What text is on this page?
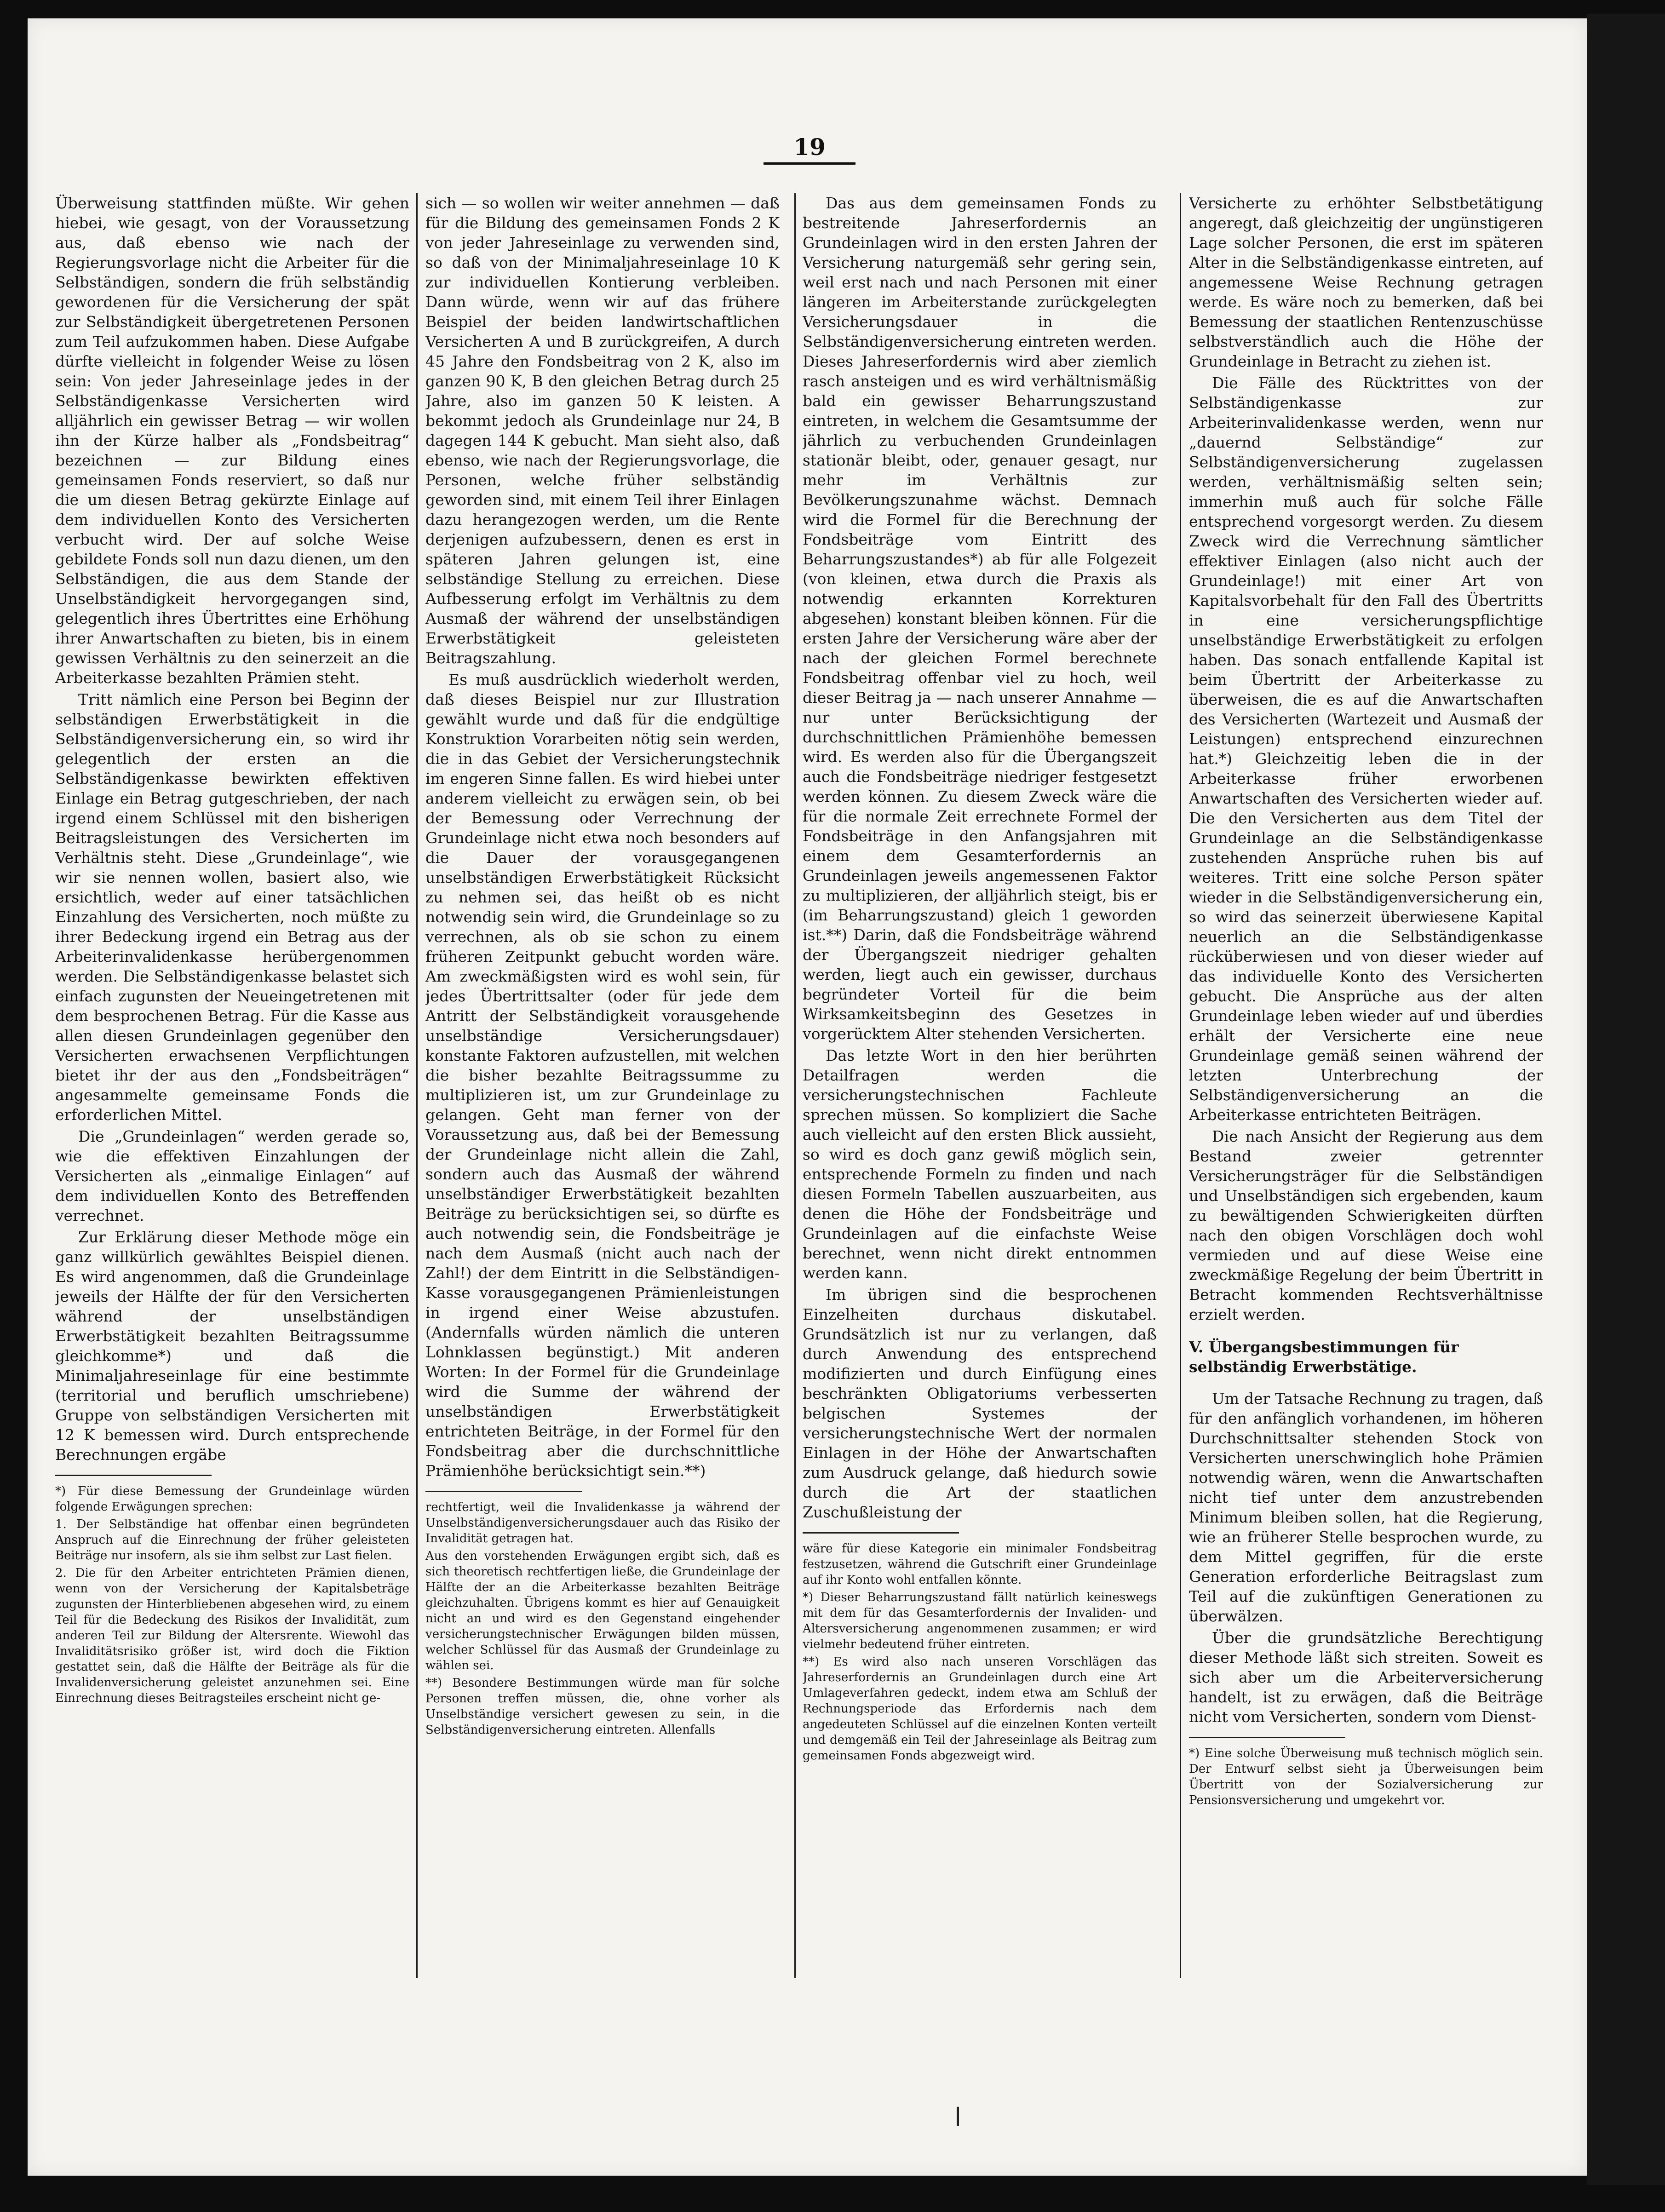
19

Überweisung stattfinden müßte. Wir gehen hiebei, wie gesagt, von der Voraussetzung aus, daß ebenso wie nach der Regierungsvorlage nicht die Arbeiter für die Selbständigen, sondern die früh selbständig gewordenen für die Versicherung der spät zur Selbständigkeit übergetretenen Personen zum Teil aufzukommen haben. Diese Aufgabe dürfte vielleicht in folgender Weise zu lösen sein: Von jeder Jahreseinlage jedes in der Selbständigenkasse Versicherten wird alljährlich ein gewisser Betrag — wir wollen ihn der Kürze halber als „Fondsbeitrag“ bezeichnen — zur Bildung eines gemeinsamen Fonds reserviert, so daß nur die um diesen Betrag gekürzte Einlage auf dem individuellen Konto des Versicherten verbucht wird. Der auf solche Weise gebildete Fonds soll nun dazu dienen, um den Selbständigen, die aus dem Stande der Unselbständigkeit hervorgegangen sind, gelegentlich ihres Übertrittes eine Erhöhung ihrer Anwartschaften zu bieten, bis in einem gewissen Verhältnis zu den seinerzeit an die Arbeiterkasse bezahlten Prämien steht.

Tritt nämlich eine Person bei Beginn der selbständigen Erwerbstätigkeit in die Selbständigenversicherung ein, so wird ihr gelegentlich der ersten an die Selbständigenkasse bewirkten effektiven Einlage ein Betrag gutgeschrieben, der nach irgend einem Schlüssel mit den bisherigen Beitragsleistungen des Versicherten im Verhältnis steht. Diese „Grundeinlage“, wie wir sie nennen wollen, basiert also, wie ersichtlich, weder auf einer tatsächlichen Einzahlung des Versicherten, noch müßte zu ihrer Bedeckung irgend ein Betrag aus der Arbeiterinvalidenkasse herübergenommen werden. Die Selbständigenkasse belastet sich einfach zugunsten der Neueingetretenen mit dem besprochenen Betrag. Für die Kasse aus allen diesen Grundeinlagen gegenüber den Versicherten erwachsenen Verpflichtungen bietet ihr der aus den „Fondsbeiträgen“ angesammelte gemeinsame Fonds die erforderlichen Mittel.

Die „Grundeinlagen“ werden gerade so, wie die effektiven Einzahlungen der Versicherten als „einmalige Einlagen“ auf dem individuellen Konto des Betreffenden verrechnet.

Zur Erklärung dieser Methode möge ein ganz willkürlich gewähltes Beispiel dienen. Es wird angenommen, daß die Grundeinlage jeweils der Hälfte der für den Versicherten während der unselbständigen Erwerbstätigkeit bezahlten Beitragssumme gleichkomme*) und daß die Minimaljahreseinlage für eine bestimmte (territorial und beruflich umschriebene) Gruppe von selbständigen Versicherten mit 12 K bemessen wird. Durch entsprechende Berechnungen ergäbe

*) Für diese Bemessung der Grundeinlage würden folgende Erwägungen sprechen:

1. Der Selbständige hat offenbar einen begründeten Anspruch auf die Einrechnung der früher geleisteten Beiträge nur insofern, als sie ihm selbst zur Last fielen.

2. Die für den Arbeiter entrichteten Prämien dienen, wenn von der Versicherung der Kapitalsbeträge zugunsten der Hinterbliebenen abgesehen wird, zu einem Teil für die Bedeckung des Risikos der Invalidität, zum anderen Teil zur Bildung der Altersrente. Wiewohl das Invaliditätsrisiko größer ist, wird doch die Fiktion gestattet sein, daß die Hälfte der Beiträge als für die Invalidenversicherung geleistet anzunehmen sei. Eine Einrechnung dieses Beitragsteiles erscheint nicht ge-

sich — so wollen wir weiter annehmen — daß für die Bildung des gemeinsamen Fonds 2 K von jeder Jahreseinlage zu verwenden sind, so daß von der Minimaljahreseinlage 10 K zur individuellen Kontierung verbleiben. Dann würde, wenn wir auf das frühere Beispiel der beiden landwirtschaftlichen Versicherten A und B zurückgreifen, A durch 45 Jahre den Fondsbeitrag von 2 K, also im ganzen 90 K, B den gleichen Betrag durch 25 Jahre, also im ganzen 50 K leisten. A bekommt jedoch als Grundeinlage nur 24, B dagegen 144 K gebucht. Man sieht also, daß ebenso, wie nach der Regierungsvorlage, die Personen, welche früher selbständig geworden sind, mit einem Teil ihrer Einlagen dazu herangezogen werden, um die Rente derjenigen aufzubessern, denen es erst in späteren Jahren gelungen ist, eine selbständige Stellung zu erreichen. Diese Aufbesserung erfolgt im Verhältnis zu dem Ausmaß der während der unselbständigen Erwerbstätigkeit geleisteten Beitragszahlung.

Es muß ausdrücklich wiederholt werden, daß dieses Beispiel nur zur Illustration gewählt wurde und daß für die endgültige Konstruktion Vorarbeiten nötig sein werden, die in das Gebiet der Versicherungstechnik im engeren Sinne fallen. Es wird hiebei unter anderem vielleicht zu erwägen sein, ob bei der Bemessung oder Verrechnung der Grundeinlage nicht etwa noch besonders auf die Dauer der vorausgegangenen unselbständigen Erwerbstätigkeit Rücksicht zu nehmen sei, das heißt ob es nicht notwendig sein wird, die Grundeinlage so zu verrechnen, als ob sie schon zu einem früheren Zeitpunkt gebucht worden wäre. Am zweckmäßigsten wird es wohl sein, für jedes Übertrittsalter (oder für jede dem Antritt der Selbständigkeit vorausgehende unselbständige Versicherungsdauer) konstante Faktoren aufzustellen, mit welchen die bisher bezahlte Beitragssumme zu multiplizieren ist, um zur Grundeinlage zu gelangen. Geht man ferner von der Voraussetzung aus, daß bei der Bemessung der Grundeinlage nicht allein die Zahl, sondern auch das Ausmaß der während unselbständiger Erwerbstätigkeit bezahlten Beiträge zu berücksichtigen sei, so dürfte es auch notwendig sein, die Fondsbeiträge je nach dem Ausmaß (nicht auch nach der Zahl!) der dem Eintritt in die Selbständigen-Kasse vorausgegangenen Prämienleistungen in irgend einer Weise abzustufen. (Andernfalls würden nämlich die unteren Lohnklassen begünstigt.) Mit anderen Worten: In der Formel für die Grundeinlage wird die Summe der während der unselbständigen Erwerbstätigkeit entrichteten Beiträge, in der Formel für den Fondsbeitrag aber die durchschnittliche Prämienhöhe berücksichtigt sein.**)

rechtfertigt, weil die Invalidenkasse ja während der Unselbständigenversicherungsdauer auch das Risiko der Invalidität getragen hat.

Aus den vorstehenden Erwägungen ergibt sich, daß es sich theoretisch rechtfertigen ließe, die Grundeinlage der Hälfte der an die Arbeiterkasse bezahlten Beiträge gleichzuhalten. Übrigens kommt es hier auf Genauigkeit nicht an und wird es den Gegenstand eingehender versicherungstechnischer Erwägungen bilden müssen, welcher Schlüssel für das Ausmaß der Grundeinlage zu wählen sei.

**) Besondere Bestimmungen würde man für solche Personen treffen müssen, die, ohne vorher als Unselbständige versichert gewesen zu sein, in die Selbständigenversicherung eintreten. Allenfalls

Das aus dem gemeinsamen Fonds zu bestreitende Jahreserfordernis an Grundeinlagen wird in den ersten Jahren der Versicherung naturgemäß sehr gering sein, weil erst nach und nach Personen mit einer längeren im Arbeiterstande zurückgelegten Versicherungsdauer in die Selbständigenversicherung eintreten werden. Dieses Jahreserfordernis wird aber ziemlich rasch ansteigen und es wird verhältnismäßig bald ein gewisser Beharrungszustand eintreten, in welchem die Gesamtsumme der jährlich zu verbuchenden Grundeinlagen stationär bleibt, oder, genauer gesagt, nur mehr im Verhältnis zur Bevölkerungszunahme wächst. Demnach wird die Formel für die Berechnung der Fondsbeiträge vom Eintritt des Beharrungszustandes*) ab für alle Folgezeit (von kleinen, etwa durch die Praxis als notwendig erkannten Korrekturen abgesehen) konstant bleiben können. Für die ersten Jahre der Versicherung wäre aber der nach der gleichen Formel berechnete Fondsbeitrag offenbar viel zu hoch, weil dieser Beitrag ja — nach unserer Annahme — nur unter Berücksichtigung der durchschnittlichen Prämienhöhe bemessen wird. Es werden also für die Übergangszeit auch die Fondsbeiträge niedriger festgesetzt werden können. Zu diesem Zweck wäre die für die normale Zeit errechnete Formel der Fondsbeiträge in den Anfangsjahren mit einem dem Gesamterfordernis an Grundeinlagen jeweils angemessenen Faktor zu multiplizieren, der alljährlich steigt, bis er (im Beharrungszustand) gleich 1 geworden ist.**) Darin, daß die Fondsbeiträge während der Übergangszeit niedriger gehalten werden, liegt auch ein gewisser, durchaus begründeter Vorteil für die beim Wirksamkeitsbeginn des Gesetzes in vorgerücktem Alter stehenden Versicherten.

Das letzte Wort in den hier berührten Detailfragen werden die versicherungstechnischen Fachleute sprechen müssen. So kompliziert die Sache auch vielleicht auf den ersten Blick aussieht, so wird es doch ganz gewiß möglich sein, entsprechende Formeln zu finden und nach diesen Formeln Tabellen auszuarbeiten, aus denen die Höhe der Fondsbeiträge und Grundeinlagen auf die einfachste Weise berechnet, wenn nicht direkt entnommen werden kann.

Im übrigen sind die besprochenen Einzelheiten durchaus diskutabel. Grundsätzlich ist nur zu verlangen, daß durch Anwendung des entsprechend modifizierten und durch Einfügung eines beschränkten Obligatoriums verbesserten belgischen Systemes der versicherungstechnische Wert der normalen Einlagen in der Höhe der Anwartschaften zum Ausdruck gelange, daß hiedurch sowie durch die Art der staatlichen Zuschußleistung der

wäre für diese Kategorie ein minimaler Fondsbeitrag festzusetzen, während die Gutschrift einer Grundeinlage auf ihr Konto wohl entfallen könnte.

*) Dieser Beharrungszustand fällt natürlich keineswegs mit dem für das Gesamterfordernis der Invaliden- und Altersversicherung angenommenen zusammen; er wird vielmehr bedeutend früher eintreten.

**) Es wird also nach unseren Vorschlägen das Jahreserfordernis an Grundeinlagen durch eine Art Umlageverfahren gedeckt, indem etwa am Schluß der Rechnungsperiode das Erfordernis nach dem angedeuteten Schlüssel auf die einzelnen Konten verteilt und demgemäß ein Teil der Jahreseinlage als Beitrag zum gemeinsamen Fonds abgezweigt wird.

Versicherte zu erhöhter Selbstbetätigung angeregt, daß gleichzeitig der ungünstigeren Lage solcher Personen, die erst im späteren Alter in die Selbständigenkasse eintreten, auf angemessene Weise Rechnung getragen werde. Es wäre noch zu bemerken, daß bei Bemessung der staatlichen Rentenzuschüsse selbstverständlich auch die Höhe der Grundeinlage in Betracht zu ziehen ist.

Die Fälle des Rücktrittes von der Selbständigenkasse zur Arbeiterinvalidenkasse werden, wenn nur „dauernd Selbständige“ zur Selbständigenversicherung zugelassen werden, verhältnismäßig selten sein; immerhin muß auch für solche Fälle entsprechend vorgesorgt werden. Zu diesem Zweck wird die Verrechnung sämtlicher effektiver Einlagen (also nicht auch der Grundeinlage!) mit einer Art von Kapitalsvorbehalt für den Fall des Übertritts in eine versicherungspflichtige unselbständige Erwerbstätigkeit zu erfolgen haben. Das sonach entfallende Kapital ist beim Übertritt der Arbeiterkasse zu überweisen, die es auf die Anwartschaften des Versicherten (Wartezeit und Ausmaß der Leistungen) entsprechend einzurechnen hat.*) Gleichzeitig leben die in der Arbeiterkasse früher erworbenen Anwartschaften des Versicherten wieder auf. Die den Versicherten aus dem Titel der Grundeinlage an die Selbständigenkasse zustehenden Ansprüche ruhen bis auf weiteres. Tritt eine solche Person später wieder in die Selbständigenversicherung ein, so wird das seinerzeit überwiesene Kapital neuerlich an die Selbständigenkasse rücküberwiesen und von dieser wieder auf das individuelle Konto des Versicherten gebucht. Die Ansprüche aus der alten Grundeinlage leben wieder auf und überdies erhält der Versicherte eine neue Grundeinlage gemäß seinen während der letzten Unterbrechung der Selbständigenversicherung an die Arbeiterkasse entrichteten Beiträgen.

Die nach Ansicht der Regierung aus dem Bestand zweier getrennter Versicherungsträger für die Selbständigen und Unselbständigen sich ergebenden, kaum zu bewältigenden Schwierigkeiten dürften nach den obigen Vorschlägen doch wohl vermieden und auf diese Weise eine zweckmäßige Regelung der beim Übertritt in Betracht kommenden Rechtsverhältnisse erzielt werden.

V. Übergangsbestimmungen für selbständig Erwerbstätige.

Um der Tatsache Rechnung zu tragen, daß für den anfänglich vorhandenen, im höheren Durchschnittsalter stehenden Stock von Versicherten unerschwinglich hohe Prämien notwendig wären, wenn die Anwartschaften nicht tief unter dem anzustrebenden Minimum bleiben sollen, hat die Regierung, wie an früherer Stelle besprochen wurde, zu dem Mittel gegriffen, für die erste Generation erforderliche Beitragslast zum Teil auf die zukünftigen Generationen zu überwälzen.

Über die grundsätzliche Berechtigung dieser Methode läßt sich streiten. Soweit es sich aber um die Arbeiterversicherung handelt, ist zu erwägen, daß die Beiträge nicht vom Versicherten, sondern vom Dienst-

*) Eine solche Überweisung muß technisch möglich sein. Der Entwurf selbst sieht ja Überweisungen beim Übertritt von der Sozialversicherung zur Pensionsversicherung und umgekehrt vor.
